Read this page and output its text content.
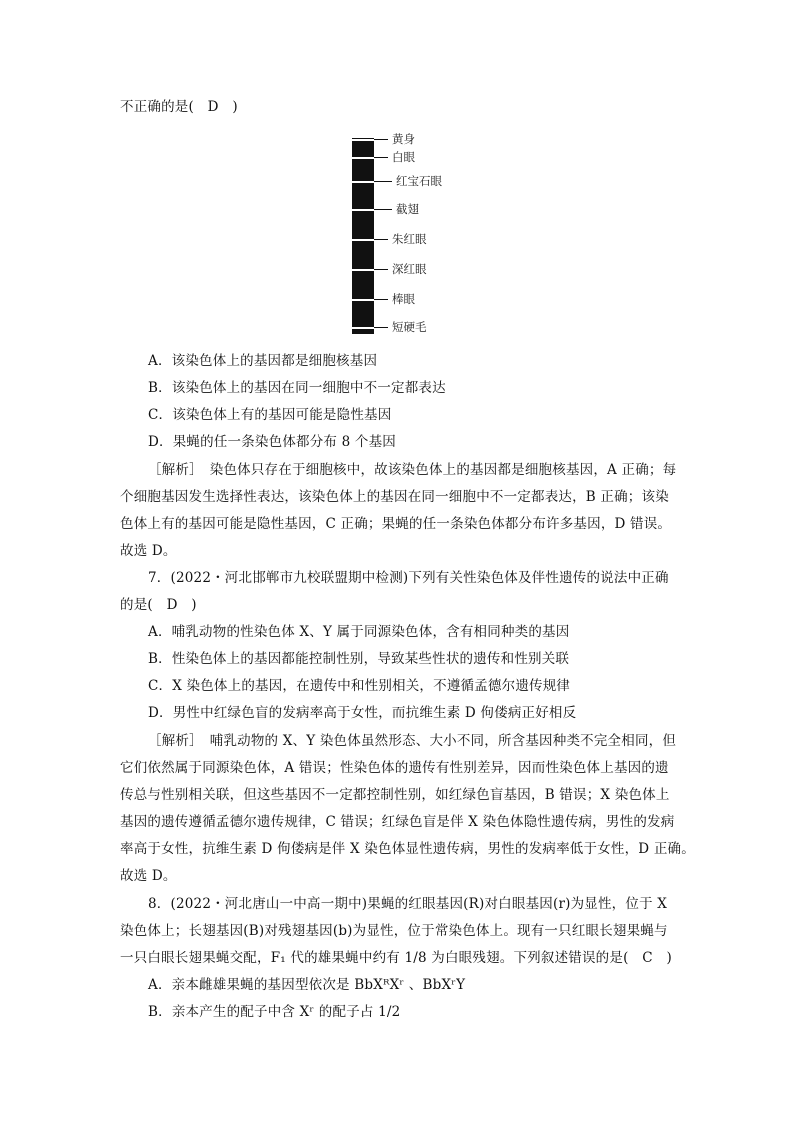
不正确的是(　D　)
黄身
白眼
红宝石眼
截翅
朱红眼
深红眼
棒眼
短硬毛
A．该染色体上的基因都是细胞核基因
B．该染色体上的基因在同一细胞中不一定都表达
C．该染色体上有的基因可能是隐性基因
D．果蝇的任一条染色体都分布 8 个基因
［解析］　染色体只存在于细胞核中，故该染色体上的基因都是细胞核基因，A 正确；每
个细胞基因发生选择性表达，该染色体上的基因在同一细胞中不一定都表达，B 正确；该染
色体上有的基因可能是隐性基因，C 正确；果蝇的任一条染色体都分布许多基因，D 错误。
故选 D。
7．(2022・河北邯郸市九校联盟期中检测)下列有关性染色体及伴性遗传的说法中正确
的是(　D　)
A．哺乳动物的性染色体 X、Y 属于同源染色体，含有相同种类的基因
B．性染色体上的基因都能控制性别，导致某些性状的遗传和性别关联
C．X 染色体上的基因，在遗传中和性别相关，不遵循孟德尔遗传规律
D．男性中红绿色盲的发病率高于女性，而抗维生素 D 佝偻病正好相反
［解析］　哺乳动物的 X、Y 染色体虽然形态、大小不同，所含基因种类不完全相同，但
它们依然属于同源染色体，A 错误；性染色体的遗传有性别差异，因而性染色体上基因的遗
传总与性别相关联，但这些基因不一定都控制性别，如红绿色盲基因，B 错误；X 染色体上
基因的遗传遵循孟德尔遗传规律，C 错误；红绿色盲是伴 X 染色体隐性遗传病，男性的发病
率高于女性，抗维生素 D 佝偻病是伴 X 染色体显性遗传病，男性的发病率低于女性，D 正确。
故选 D。
8．(2022・河北唐山一中高一期中)果蝇的红眼基因(R)对白眼基因(r)为显性，位于 X
染色体上；长翅基因(B)对残翅基因(b)为显性，位于常染色体上。现有一只红眼长翅果蝇与
一只白眼长翅果蝇交配，F₁ 代的雄果蝇中约有 1/8 为白眼残翅。下列叙述错误的是(　C　)
A．亲本雌雄果蝇的基因型依次是 BbXᴿXʳ 、BbXʳY
B．亲本产生的配子中含 Xʳ 的配子占 1/2
